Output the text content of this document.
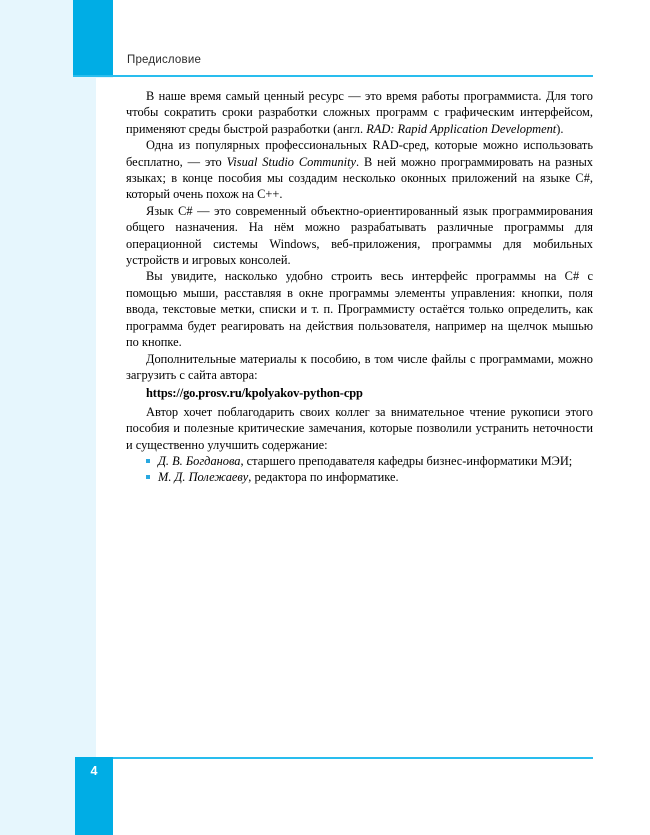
Предисловие

В наше время самый ценный ресурс — это время работы программиста. Для того чтобы сократить сроки разработки сложных программ с графическим интерфейсом, применяют среды быстрой разработки (англ. RAD: Rapid Application Development).

Одна из популярных профессиональных RAD-сред, которые можно использовать бесплатно, — это Visual Studio Community. В ней можно программировать на разных языках; в конце пособия мы создадим несколько оконных приложений на языке C#, который очень похож на C++.

Язык C# — это современный объектно-ориентированный язык программирования общего назначения. На нём можно разрабатывать различные программы для операционной системы Windows, веб-приложения, программы для мобильных устройств и игровых консолей.

Вы увидите, насколько удобно строить весь интерфейс программы на C# с помощью мыши, расставляя в окне программы элементы управления: кнопки, поля ввода, текстовые метки, списки и т. п. Программисту остаётся только определить, как программа будет реагировать на действия пользователя, например на щелчок мышью по кнопке.

Дополнительные материалы к пособию, в том числе файлы с программами, можно загрузить с сайта автора:

https://go.prosv.ru/kpolyakov-python-cpp

Автор хочет поблагодарить своих коллег за внимательное чтение рукописи этого пособия и полезные критические замечания, которые позволили устранить неточности и существенно улучшить содержание:

Д. В. Богданова, старшего преподавателя кафедры бизнес-информатики МЭИ;
М. Д. Полежаеву, редактора по информатике.
4
